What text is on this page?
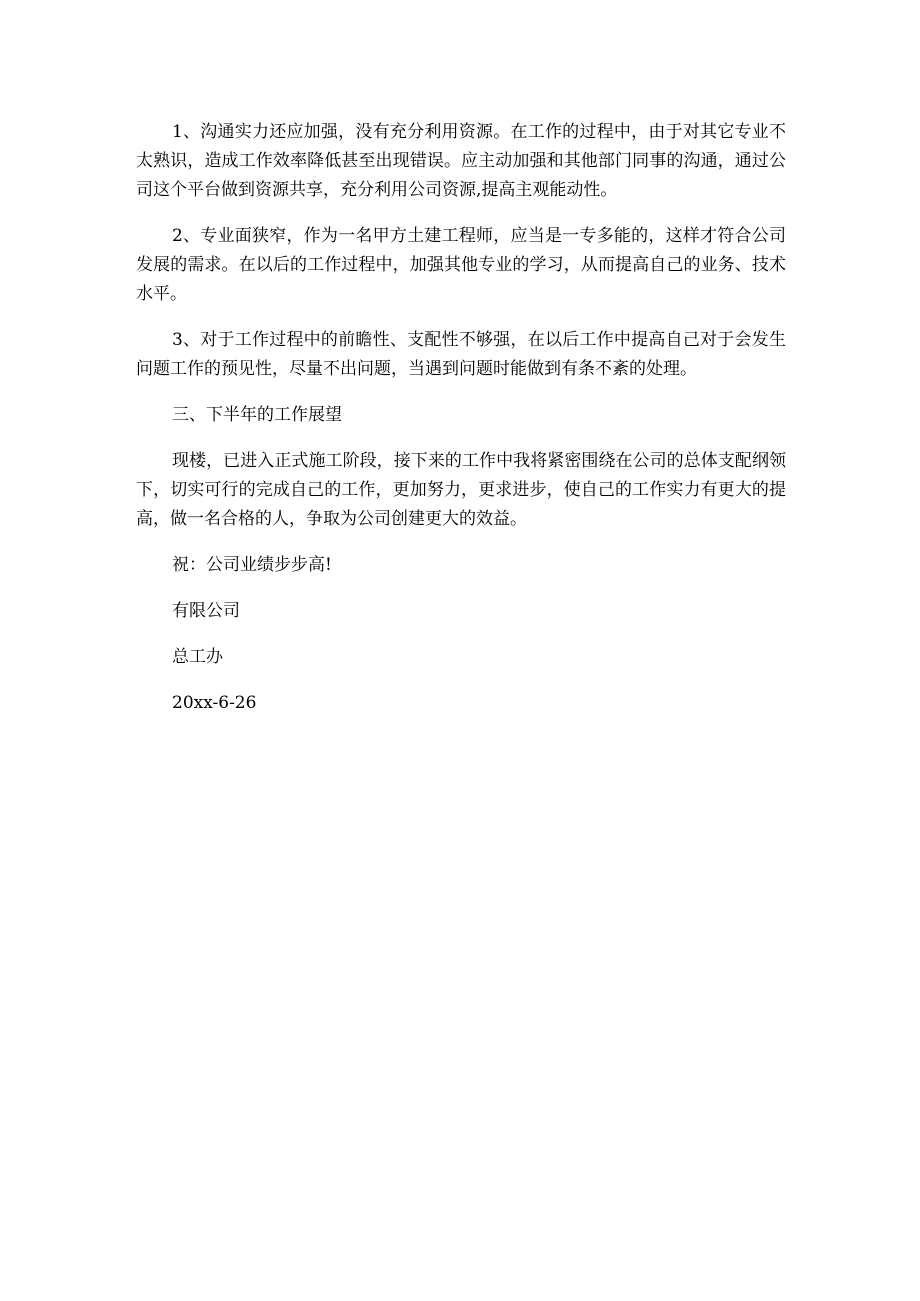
1、沟通实力还应加强，没有充分利用资源。在工作的过程中，由于对其它专业不太熟识，造成工作效率降低甚至出现错误。应主动加强和其他部门同事的沟通，通过公司这个平台做到资源共享，充分利用公司资源,提高主观能动性。

2、专业面狭窄，作为一名甲方土建工程师，应当是一专多能的，这样才符合公司发展的需求。在以后的工作过程中，加强其他专业的学习，从而提高自己的业务、技术水平。

3、对于工作过程中的前瞻性、支配性不够强，在以后工作中提高自己对于会发生问题工作的预见性，尽量不出问题，当遇到问题时能做到有条不紊的处理。

三、下半年的工作展望

现楼，已进入正式施工阶段，接下来的工作中我将紧密围绕在公司的总体支配纲领下，切实可行的完成自己的工作，更加努力，更求进步，使自己的工作实力有更大的提高，做一名合格的人，争取为公司创建更大的效益。

祝：公司业绩步步高!

有限公司

总工办

20xx-6-26
